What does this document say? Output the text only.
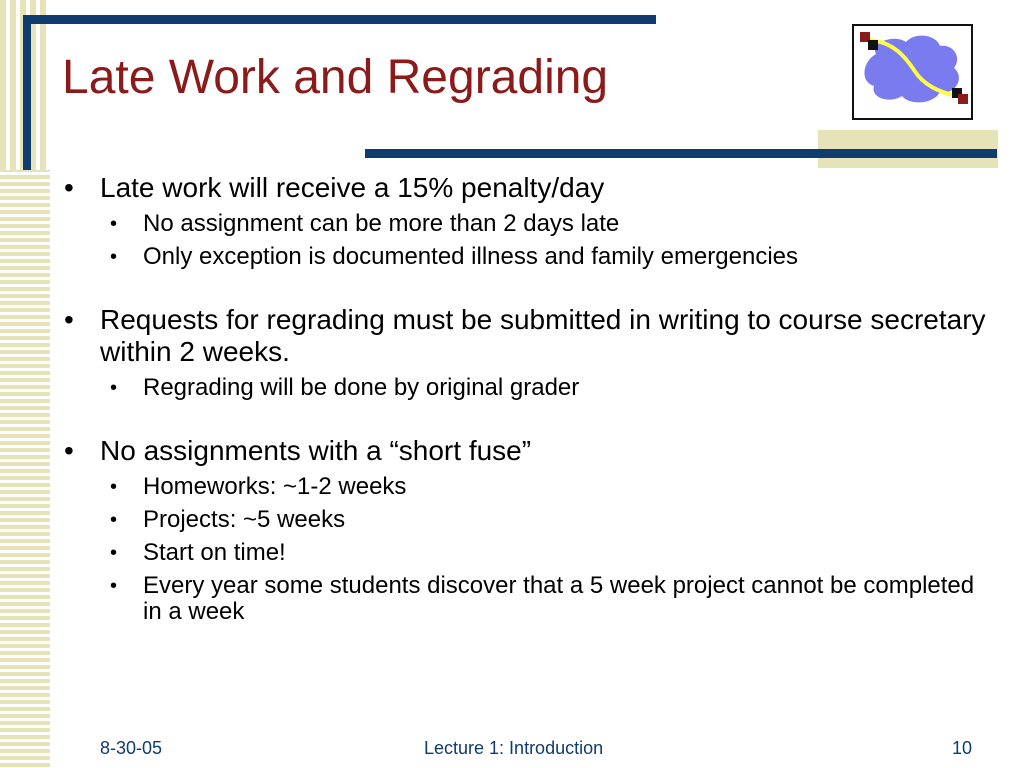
Late Work and Regrading
• Late work will receive a 15% penalty/day
• No assignment can be more than 2 days late
• Only exception is documented illness and family emergencies
• Requests for regrading must be submitted in writing to course secretary within 2 weeks.
• Regrading will be done by original grader
• No assignments with a “short fuse”
• Homeworks: ~1-2 weeks
• Projects: ~5 weeks
• Start on time!
• Every year some students discover that a 5 week project cannot be completed in a week
8-30-05	Lecture 1: Introduction	10
